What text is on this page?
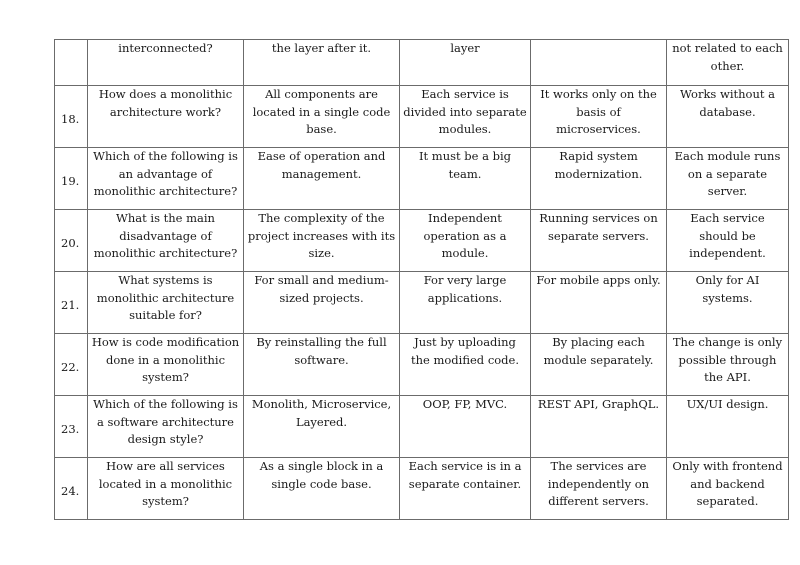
	interconnected?	the layer after it.	layer		not related to each other.
18.	How does a monolithic architecture work?	All components are located in a single code base.	Each service is divided into separate modules.	It works only on the basis of microservices.	Works without a database.
19.	Which of the following is an advantage of monolithic architecture?	Ease of operation and management.	It must be a big team.	Rapid system modernization.	Each module runs on a separate server.
20.	What is the main disadvantage of monolithic architecture?	The complexity of the project increases with its size.	Independent operation as a module.	Running services on separate servers.	Each service should be independent.
21.	What systems is monolithic architecture suitable for?	For small and medium-sized projects.	For very large applications.	For mobile apps only.	Only for AI systems.
22.	How is code modification done in a monolithic system?	By reinstalling the full software.	Just by uploading the modified code.	By placing each module separately.	The change is only possible through the API.
23.	Which of the following is a software architecture design style?	Monolith, Microservice, Layered.	OOP, FP, MVC.	REST API, GraphQL.	UX/UI design.
24.	How are all services located in a monolithic system?	As a single block in a single code base.	Each service is in a separate container.	The services are independently on different servers.	Only with frontend and backend separated.
